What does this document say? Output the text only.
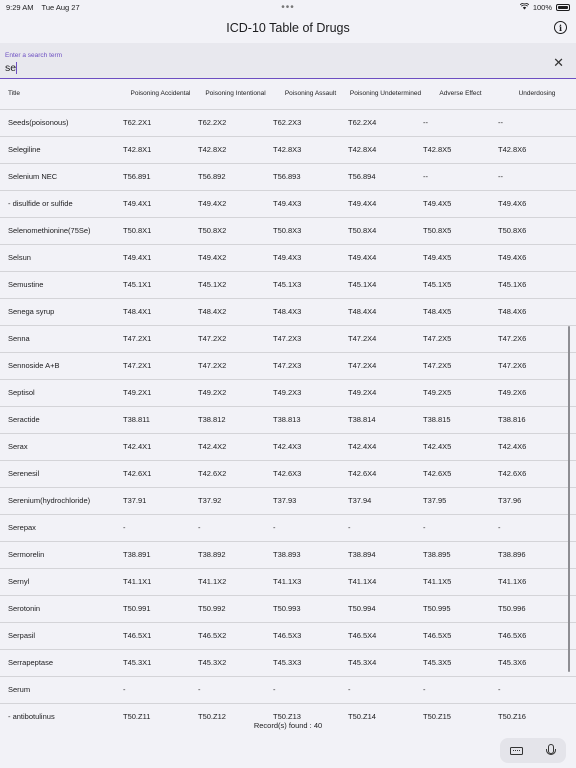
9:29 AM Tue Aug 27	•••	100%
ICD-10 Table of Drugs	i
Enter a search term
se	✕
Title	Poisoning Accidental	Poisoning Intentional	Poisoning Assault	Poisoning Undetermined	Adverse Effect	Underdosing
Seeds(poisonous)	T62.2X1	T62.2X2	T62.2X3	T62.2X4	--	--
Selegiline	T42.8X1	T42.8X2	T42.8X3	T42.8X4	T42.8X5	T42.8X6
Selenium NEC	T56.891	T56.892	T56.893	T56.894	--	--
- disulfide or sulfide	T49.4X1	T49.4X2	T49.4X3	T49.4X4	T49.4X5	T49.4X6
Selenomethionine(75Se)	T50.8X1	T50.8X2	T50.8X3	T50.8X4	T50.8X5	T50.8X6
Selsun	T49.4X1	T49.4X2	T49.4X3	T49.4X4	T49.4X5	T49.4X6
Semustine	T45.1X1	T45.1X2	T45.1X3	T45.1X4	T45.1X5	T45.1X6
Senega syrup	T48.4X1	T48.4X2	T48.4X3	T48.4X4	T48.4X5	T48.4X6
Senna	T47.2X1	T47.2X2	T47.2X3	T47.2X4	T47.2X5	T47.2X6
Sennoside A+B	T47.2X1	T47.2X2	T47.2X3	T47.2X4	T47.2X5	T47.2X6
Septisol	T49.2X1	T49.2X2	T49.2X3	T49.2X4	T49.2X5	T49.2X6
Seractide	T38.811	T38.812	T38.813	T38.814	T38.815	T38.816
Serax	T42.4X1	T42.4X2	T42.4X3	T42.4X4	T42.4X5	T42.4X6
Serenesil	T42.6X1	T42.6X2	T42.6X3	T42.6X4	T42.6X5	T42.6X6
Serenium(hydrochloride)	T37.91	T37.92	T37.93	T37.94	T37.95	T37.96
Serepax	-	-	-	-	-	-
Sermorelin	T38.891	T38.892	T38.893	T38.894	T38.895	T38.896
Sernyl	T41.1X1	T41.1X2	T41.1X3	T41.1X4	T41.1X5	T41.1X6
Serotonin	T50.991	T50.992	T50.993	T50.994	T50.995	T50.996
Serpasil	T46.5X1	T46.5X2	T46.5X3	T46.5X4	T46.5X5	T46.5X6
Serrapeptase	T45.3X1	T45.3X2	T45.3X3	T45.3X4	T45.3X5	T45.3X6
Serum	-	-	-	-	-	-
- antibotulinus	T50.Z11	T50.Z12	T50.Z13	T50.Z14	T50.Z15	T50.Z16
Record(s) found : 40
